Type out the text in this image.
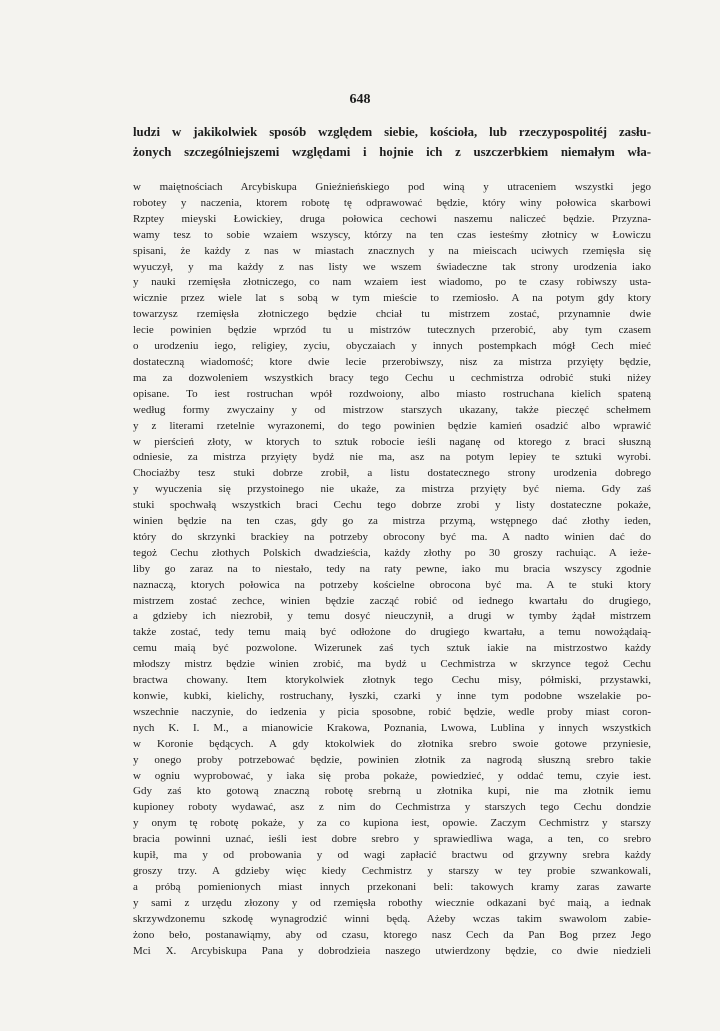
648
ludzi w jakikolwiek sposób względem siebie, kościoła, lub rzeczypospolitéj zasłu-
żonych szczególniejszemi względami i hojnie ich z uszczerbkiem niemałym wła-
w maiętnościach Arcybiskupa Gnieźnieńskiego pod winą y utraceniem wszystki jego
robotey y naczenia, ktorem robotę tę odprawować będzie, który winy połowica skarbowi
Rzptey mieyski Łowickiey, druga połowica cechowi naszemu naliczeć będzie. Przyzna-
wamy tesz to sobie wzaiem wszyscy, którzy na ten czas iesteśmy złotnicy w Łowiczu
spisani, że każdy z nas w miastach znacznych y na mieiscach uciwych rzemięsła się
wyuczył, y ma każdy z nas listy we wszem świadeczne tak strony urodzenia iako
y nauki rzemięsła złotniczego, co nam wzaiem iest wiadomo, po te czasy robiwszy usta-
wicznie przez wiele lat s sobą w tym mieście to rzemiosło. A na potym gdy ktory
towarzysz rzemięsła złotniczego będzie chciał tu mistrzem zostać, przynamnie dwie
lecie powinien będzie wprzód tu u mistrzów tutecznych przerobić, aby tym czasem
o urodzeniu iego, religiey, zyciu, obyczaiach y innych postempkach mógł Cech mieć
dostateczną wiadomość; ktore dwie lecie przerobiwszy, nisz za mistrza przyięty będzie,
ma za dozwoleniem wszystkich bracy tego Cechu u cechmistrza odrobić stuki niżey
opisane. To iest rostruchan wpół rozdwoiony, albo miasto rostruchana kielich spateną
według formy zwyczainy y od mistrzow starszych ukazany, także pieczęć schełmem
y z literami rzetelnie wyrazonemi, do tego powinien będzie kamień osadzić albo wprawić
w pierścień złoty, w ktorych to sztuk robocie ieśli naganę od ktorego z braci słuszną
odniesie, za mistrza przyięty bydź nie ma, asz na potym lepiey te sztuki wyrobi.
Chociażby tesz stuki dobrze zrobił, a listu dostatecznego strony urodzenia dobrego
y wyuczenia się przystoinego nie ukaże, za mistrza przyięty być niema. Gdy zaś
stuki spochwałą wszystkich braci Cechu tego dobrze zrobi y listy dostateczne pokaże,
winien będzie na ten czas, gdy go za mistrza przymą, wstępnego dać złothy ieden,
który do skrzynki brackiey na potrzeby obrocony być ma. A nadto winien dać do
tegoż Cechu złothych Polskich dwadzieścia, każdy złothy po 30 groszy rachuiąc. A ieże-
liby go zaraz na to niestało, tedy na raty pewne, iako mu bracia wszyscy zgodnie
naznaczą, ktorych połowica na potrzeby kościelne obrocona być ma. A te stuki ktory
mistrzem zostać zechce, winien będzie zacząć robić od iednego kwartału do drugiego,
a gdzieby ich niezrobił, y temu dosyć nieuczynił, a drugi w tymby żądał mistrzem
także zostać, tedy temu maią być odłożone do drugiego kwartału, a temu nowożądaią-
cemu maią być pozwolone. Wizerunek zaś tych sztuk iakie na mistrzostwo każdy
młodszy mistrz będzie winien zrobić, ma bydź u Cechmistrza w skrzynce tegoż Cechu
bractwa chowany. Item ktorykolwiek złotnyk tego Cechu misy, półmiski, przystawki,
konwie, kubki, kielichy, rostruchany, łyszki, czarki y inne tym podobne wszelakie po-
wszechnie naczynie, do iedzenia y picia sposobne, robić będzie, wedle proby miast coron-
nych K. I. M., a mianowicie Krakowa, Poznania, Lwowa, Lublina y innych wszystkich
w Koronie będących. A gdy ktokolwiek do złotnika srebro swoie gotowe przyniesie,
y onego proby potrzebować będzie, powinien złotnik za nagrodą słuszną srebro takie
w ogniu wyprobować, y iaka się proba pokaże, powiedzieć, y oddać temu, czyie iest.
Gdy zaś kto gotową znaczną robotę srebrną u złotnika kupi, nie ma złotnik iemu
kupioney roboty wydawać, asz z nim do Cechmistrza y starszych tego Cechu dondzie
y onym tę robotę pokaże, y za co kupiona iest, opowie. Zaczym Cechmistrz y starszy
bracia powinni uznać, ieśli iest dobre srebro y sprawiedliwa waga, a ten, co srebro
kupił, ma y od probowania y od wagi zapłacić bractwu od grzywny srebra każdy
groszy trzy. A gdzieby więc kiedy Cechmistrz y starszy w tey probie szwankowali,
a próbą pomienionych miast innych przekonani beli: takowych kramy zaras zawarte
y sami z urzędu złozony y od rzemięsła robothy wiecznie odkazani być maią, a iednak
skrzywdzonemu szkodę wynagrodzić winni będą. Ażeby wczas takim swawolom zabie-
żono beło, postanawiąmy, aby od czasu, ktorego nasz Cech da Pan Bog przez Jego
Mci X. Arcybiskupa Pana y dobrodzieia naszego utwierdzony będzie, co dwie niedzieli
